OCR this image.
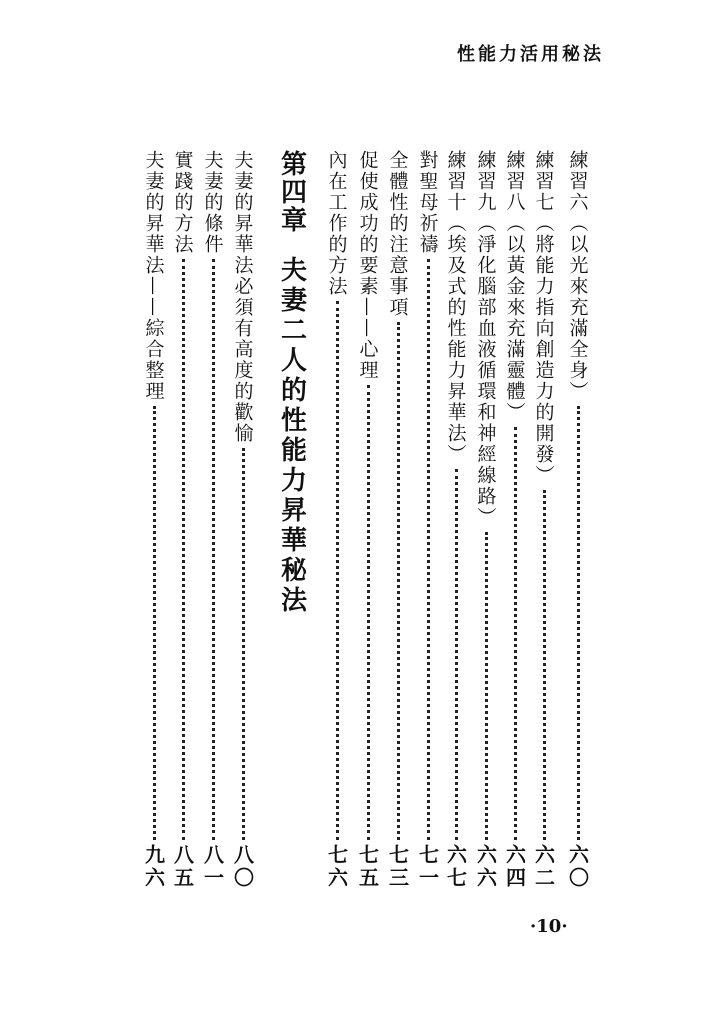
性能力活用秘法
練習六（以光來充滿全身）
六〇
練習七（將能力指向創造力的開發）
六二
練習八（以黃金來充滿靈體）
六四
練習九（淨化腦部血液循環和神經線路）
六六
練習十（埃及式的性能力昇華法）
六七
對聖母祈禱
七一
全體性的注意事項
七三
促使成功的要素——心理
七五
內在工作的方法
七六
第四章
夫妻二人的性能力昇華秘法
夫妻的昇華法必須有高度的歡愉
八〇
夫妻的條件
八一
實踐的方法
八五
夫妻的昇華法——綜合整理
九六
·10·
